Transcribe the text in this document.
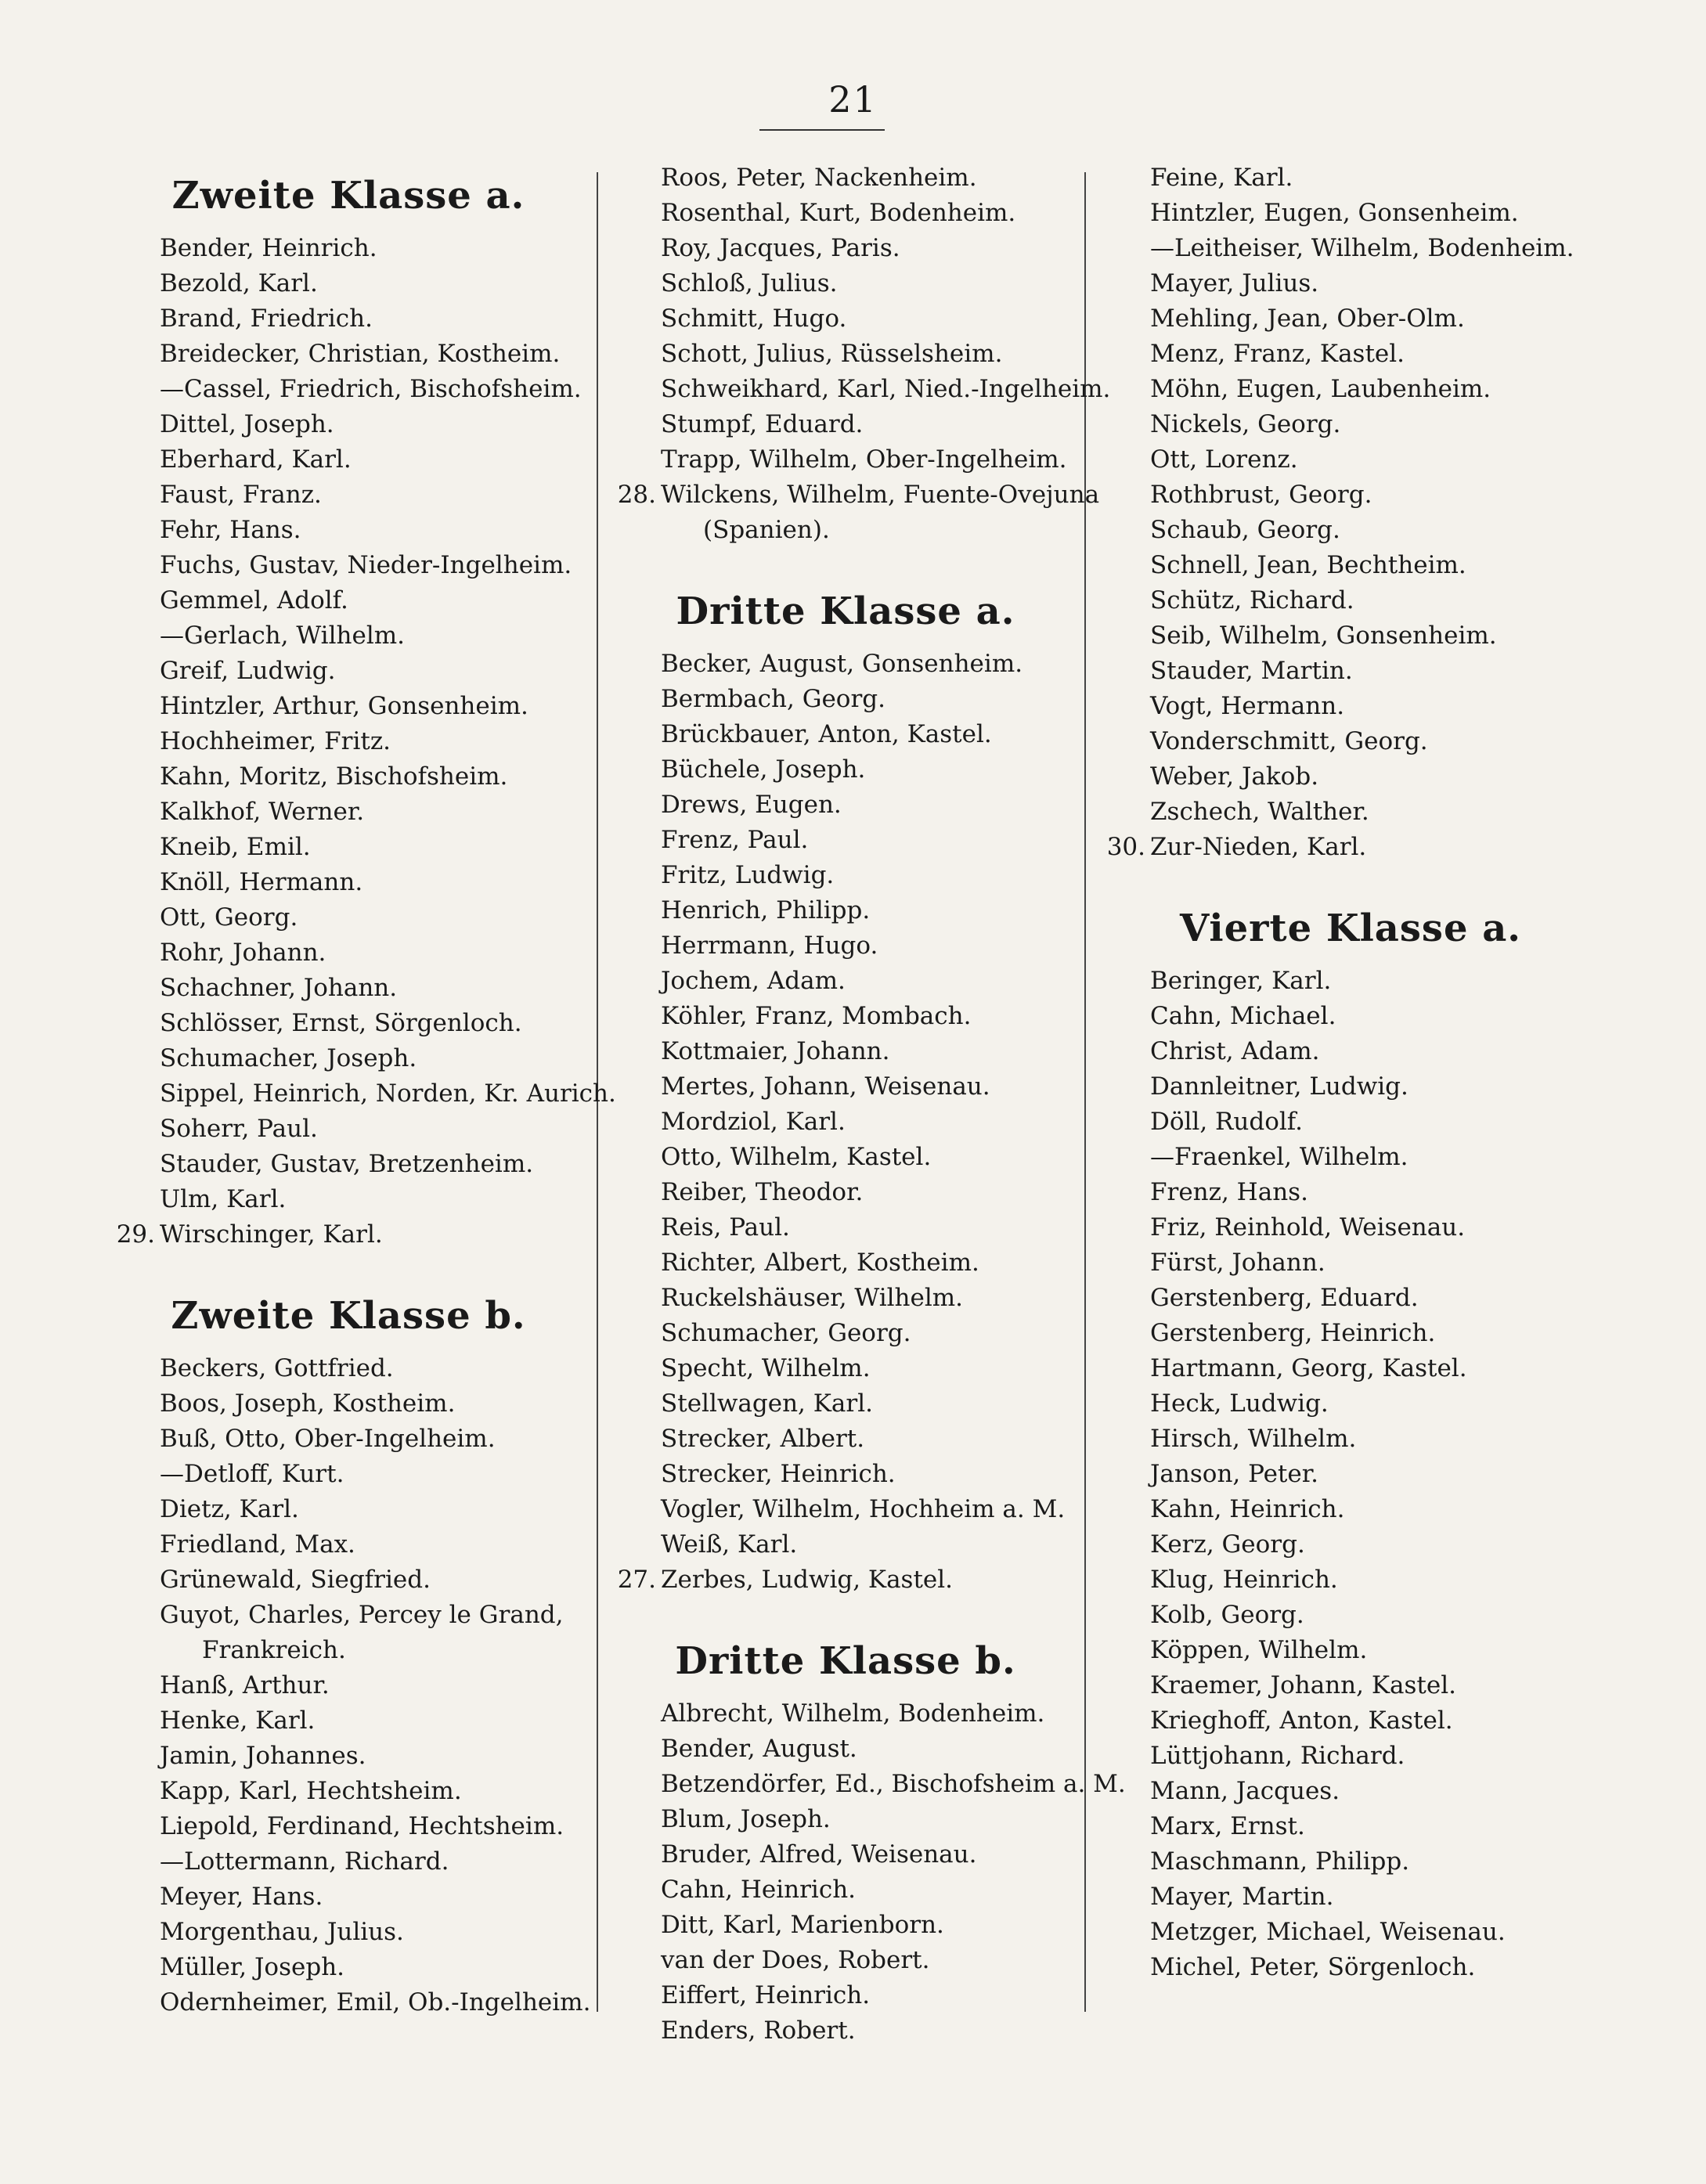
21
Zweite Klasse a.
Bender, Heinrich.
Bezold, Karl.
Brand, Friedrich.
Breidecker, Christian, Kostheim.
—Cassel, Friedrich, Bischofsheim.
Dittel, Joseph.
Eberhard, Karl.
Faust, Franz.
Fehr, Hans.
Fuchs, Gustav, Nieder-Ingelheim.
Gemmel, Adolf.
—Gerlach, Wilhelm.
Greif, Ludwig.
Hintzler, Arthur, Gonsenheim.
Hochheimer, Fritz.
Kahn, Moritz, Bischofsheim.
Kalkhof, Werner.
Kneib, Emil.
Knöll, Hermann.
Ott, Georg.
Rohr, Johann.
Schachner, Johann.
Schlösser, Ernst, Sörgenloch.
Schumacher, Joseph.
Sippel, Heinrich, Norden, Kr. Aurich.
Soherr, Paul.
Stauder, Gustav, Bretzenheim.
Ulm, Karl.
29. Wirschinger, Karl.
Zweite Klasse b.
Beckers, Gottfried.
Boos, Joseph, Kostheim.
Buß, Otto, Ober-Ingelheim.
—Detloff, Kurt.
Dietz, Karl.
Friedland, Max.
Grünewald, Siegfried.
Guyot, Charles, Percey le Grand,
Frankreich.
Hanß, Arthur.
Henke, Karl.
Jamin, Johannes.
Kapp, Karl, Hechtsheim.
Liepold, Ferdinand, Hechtsheim.
—Lottermann, Richard.
Meyer, Hans.
Morgenthau, Julius.
Müller, Joseph.
Odernheimer, Emil, Ob.-Ingelheim.
Roos, Peter, Nackenheim.
Rosenthal, Kurt, Bodenheim.
Roy, Jacques, Paris.
Schloß, Julius.
Schmitt, Hugo.
Schott, Julius, Rüsselsheim.
Schweikhard, Karl, Nied.-Ingelheim.
Stumpf, Eduard.
Trapp, Wilhelm, Ober-Ingelheim.
28. Wilckens, Wilhelm, Fuente-Ovejuna
(Spanien).
Dritte Klasse a.
Becker, August, Gonsenheim.
Bermbach, Georg.
Brückbauer, Anton, Kastel.
Büchele, Joseph.
Drews, Eugen.
Frenz, Paul.
Fritz, Ludwig.
Henrich, Philipp.
Herrmann, Hugo.
Jochem, Adam.
Köhler, Franz, Mombach.
Kottmaier, Johann.
Mertes, Johann, Weisenau.
Mordziol, Karl.
Otto, Wilhelm, Kastel.
Reiber, Theodor.
Reis, Paul.
Richter, Albert, Kostheim.
Ruckelshäuser, Wilhelm.
Schumacher, Georg.
Specht, Wilhelm.
Stellwagen, Karl.
Strecker, Albert.
Strecker, Heinrich.
Vogler, Wilhelm, Hochheim a. M.
Weiß, Karl.
27. Zerbes, Ludwig, Kastel.
Dritte Klasse b.
Albrecht, Wilhelm, Bodenheim.
Bender, August.
Betzendörfer, Ed., Bischofsheim a. M.
Blum, Joseph.
Bruder, Alfred, Weisenau.
Cahn, Heinrich.
Ditt, Karl, Marienborn.
van der Does, Robert.
Eiffert, Heinrich.
Enders, Robert.
Feine, Karl.
Hintzler, Eugen, Gonsenheim.
—Leitheiser, Wilhelm, Bodenheim.
Mayer, Julius.
Mehling, Jean, Ober-Olm.
Menz, Franz, Kastel.
Möhn, Eugen, Laubenheim.
Nickels, Georg.
Ott, Lorenz.
Rothbrust, Georg.
Schaub, Georg.
Schnell, Jean, Bechtheim.
Schütz, Richard.
Seib, Wilhelm, Gonsenheim.
Stauder, Martin.
Vogt, Hermann.
Vonderschmitt, Georg.
Weber, Jakob.
Zschech, Walther.
30. Zur-Nieden, Karl.
Vierte Klasse a.
Beringer, Karl.
Cahn, Michael.
Christ, Adam.
Dannleitner, Ludwig.
Döll, Rudolf.
—Fraenkel, Wilhelm.
Frenz, Hans.
Friz, Reinhold, Weisenau.
Fürst, Johann.
Gerstenberg, Eduard.
Gerstenberg, Heinrich.
Hartmann, Georg, Kastel.
Heck, Ludwig.
Hirsch, Wilhelm.
Janson, Peter.
Kahn, Heinrich.
Kerz, Georg.
Klug, Heinrich.
Kolb, Georg.
Köppen, Wilhelm.
Kraemer, Johann, Kastel.
Krieghoff, Anton, Kastel.
Lüttjohann, Richard.
Mann, Jacques.
Marx, Ernst.
Maschmann, Philipp.
Mayer, Martin.
Metzger, Michael, Weisenau.
Michel, Peter, Sörgenloch.
